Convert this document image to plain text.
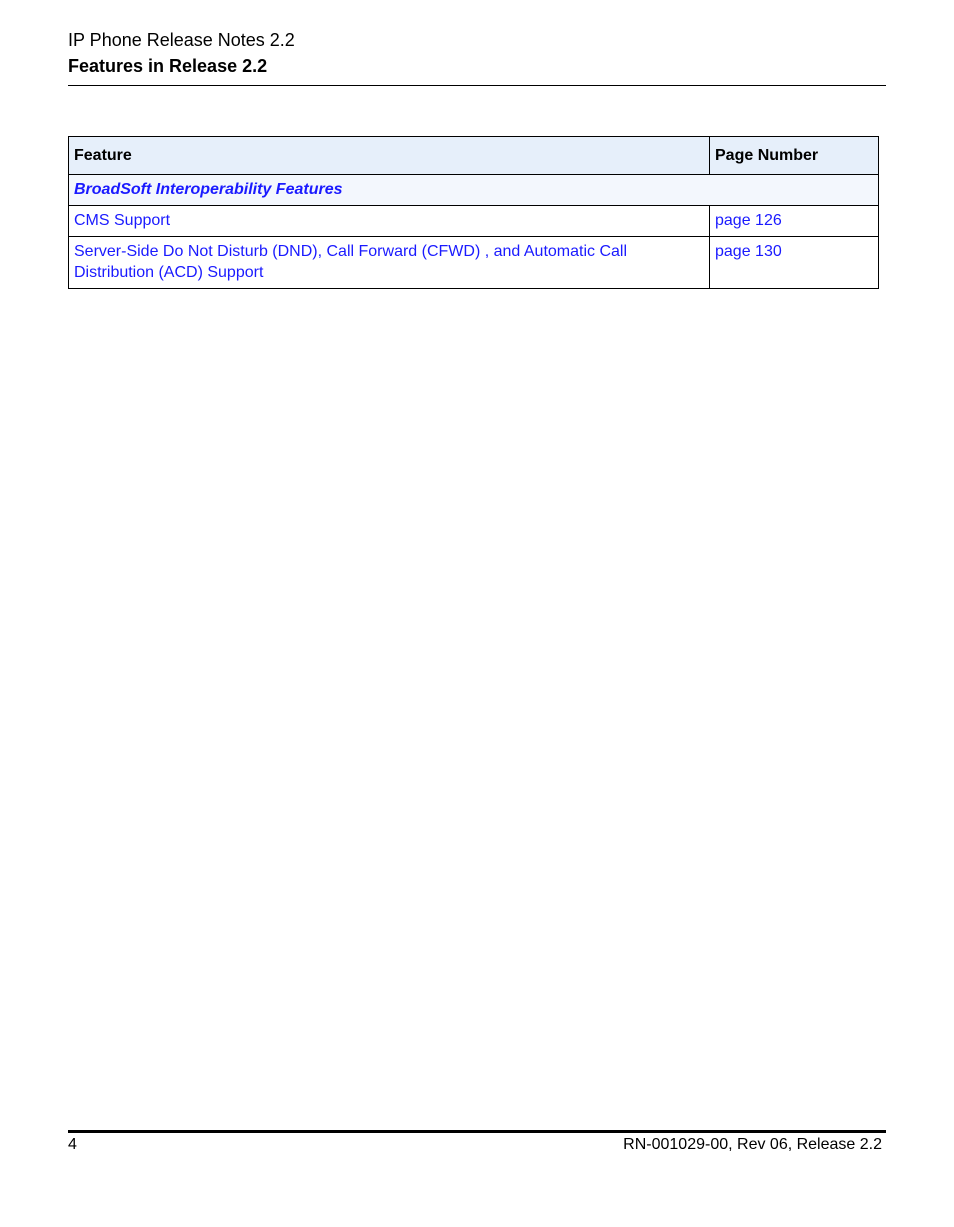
IP Phone Release Notes 2.2
Features in Release 2.2
Feature	Page Number
BroadSoft Interoperability Features	
CMS Support	page 126
Server-Side Do Not Disturb (DND), Call Forward (CFWD) , and Automatic Call Distribution (ACD) Support	page 130
4	RN-001029-00, Rev 06, Release 2.2
